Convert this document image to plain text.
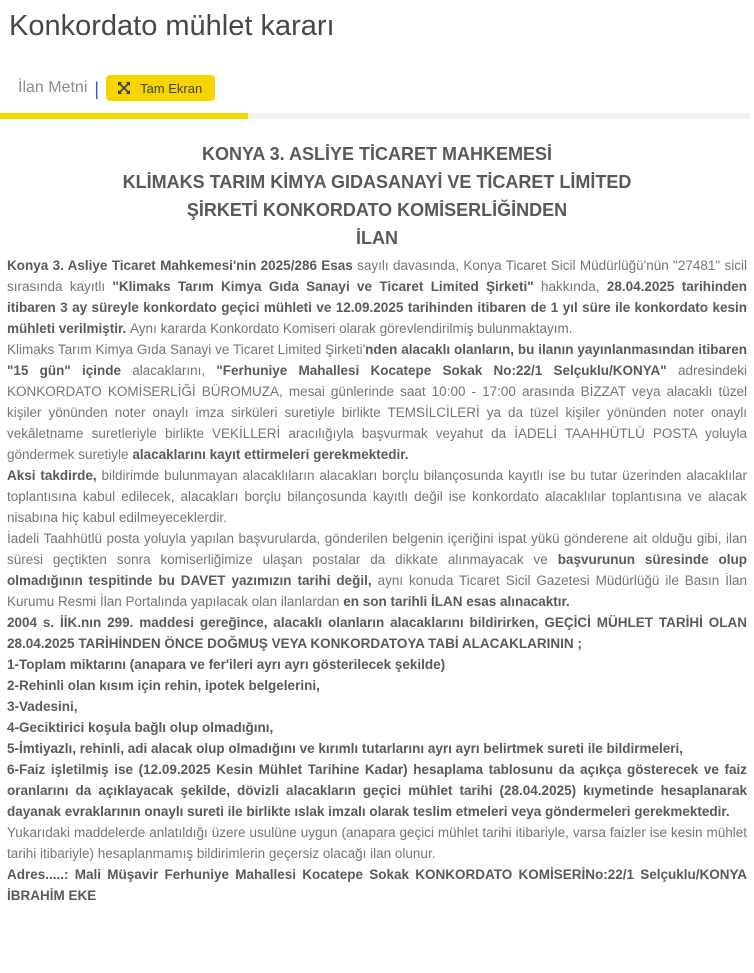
Konkordato mühlet kararı
İlan Metni |	Tam Ekran
KONYA 3. ASLİYE TİCARET MAHKEMESİ
KLİMAKS TARIM KİMYA GIDASANAYİ VE TİCARET LİMİTED
ŞİRKETİ KONKORDATO KOMİSERLİĞİNDEN
İLAN

Konya 3. Asliye Ticaret Mahkemesi'nin 2025/286 Esas sayılı davasında, Konya Ticaret Sicil Müdürlüğü'nün "27481" sicil sırasında kayıtlı "Klimaks Tarım Kimya Gıda Sanayi ve Ticaret Limited Şirketi" hakkında, 28.04.2025 tarihinden itibaren 3 ay süreyle konkordato geçici mühleti ve 12.09.2025 tarihinden itibaren de 1 yıl süre ile konkordato kesin mühleti verilmiştir. Aynı kararda Konkordato Komiseri olarak görevlendirilmiş bulunmaktayım.

Klimaks Tarım Kimya Gıda Sanayi ve Ticaret Limited Şirketi'nden alacaklı olanların, bu ilanın yayınlanmasından itibaren "15 gün" içinde alacaklarını, "Ferhuniye Mahallesi Kocatepe Sokak No:22/1 Selçuklu/KONYA" adresindeki KONKORDATO KOMİSERLİĞİ BÜROMUZA, mesai günlerinde saat 10:00 - 17:00 arasında BİZZAT veya alacaklı tüzel kişiler yönünden noter onaylı imza sirküleri suretiyle birlikte TEMSİLCİLERİ ya da tüzel kişiler yönünden noter onaylı vekâletname suretleriyle birlikte VEKİLLERİ aracılığıyla başvurmak veyahut da İADELİ TAAHHÜTLÜ POSTA yoluyla göndermek suretiyle alacaklarını kayıt ettirmeleri gerekmektedir.

Aksi takdirde, bildirimde bulunmayan alacaklıların alacakları borçlu bilançosunda kayıtlı ise bu tutar üzerinden alacaklılar toplantısına kabul edilecek, alacakları borçlu bilançosunda kayıtlı değil ise konkordato alacaklılar toplantısına ve alacak nisabına hiç kabul edilmeyeceklerdir.

İadeli Taahhütlü posta yoluyla yapılan başvurularda, gönderilen belgenin içeriğini ispat yükü gönderene ait olduğu gibi, ilan süresi geçtikten sonra komiserliğimize ulaşan postalar da dikkate alınmayacak ve başvurunun süresinde olup olmadığının tespitinde bu DAVET yazımızın tarihi değil, aynı konuda Ticaret Sicil Gazetesi Müdürlüğü ile Basın İlan Kurumu Resmi İlan Portalında yapılacak olan ilanlardan en son tarihli İLAN esas alınacaktır.

2004 s. İİK.nın 299. maddesi gereğince, alacaklı olanların alacaklarını bildirirken, GEÇİCİ MÜHLET TARİHİ OLAN 28.04.2025 TARİHİNDEN ÖNCE DOĞMUŞ VEYA KONKORDATOYA TABİ ALACAKLARININ ;

1-Toplam miktarını (anapara ve fer'ileri ayrı ayrı gösterilecek şekilde)

2-Rehinli olan kısım için rehin, ipotek belgelerini,

3-Vadesini,

4-Geciktirici koşula bağlı olup olmadığını,

5-İmtiyazlı, rehinli, adi alacak olup olmadığını ve kırımlı tutarlarını ayrı ayrı belirtmek sureti ile bildirmeleri,

6-Faiz işletilmiş ise (12.09.2025 Kesin Mühlet Tarihine Kadar) hesaplama tablosunu da açıkça gösterecek ve faiz oranlarını da açıklayacak şekilde, dövizli alacakların geçici mühlet tarihi (28.04.2025) kıymetinde hesaplanarak dayanak evraklarının onaylı sureti ile birlikte ıslak imzalı olarak teslim etmeleri veya göndermeleri gerekmektedir.

Yukarıdaki maddelerde anlatıldığı üzere usulüne uygun (anapara geçici mühlet tarihi itibariyle, varsa faizler ise kesin mühlet tarihi itibariyle) hesaplanmamış bildirimlerin geçersiz olacağı ilan olunur.

Adres.....: Mali Müşavir Ferhuniye Mahallesi Kocatepe Sokak KONKORDATO KOMİSERİNo:22/1 Selçuklu/KONYA İBRAHİM EKE
